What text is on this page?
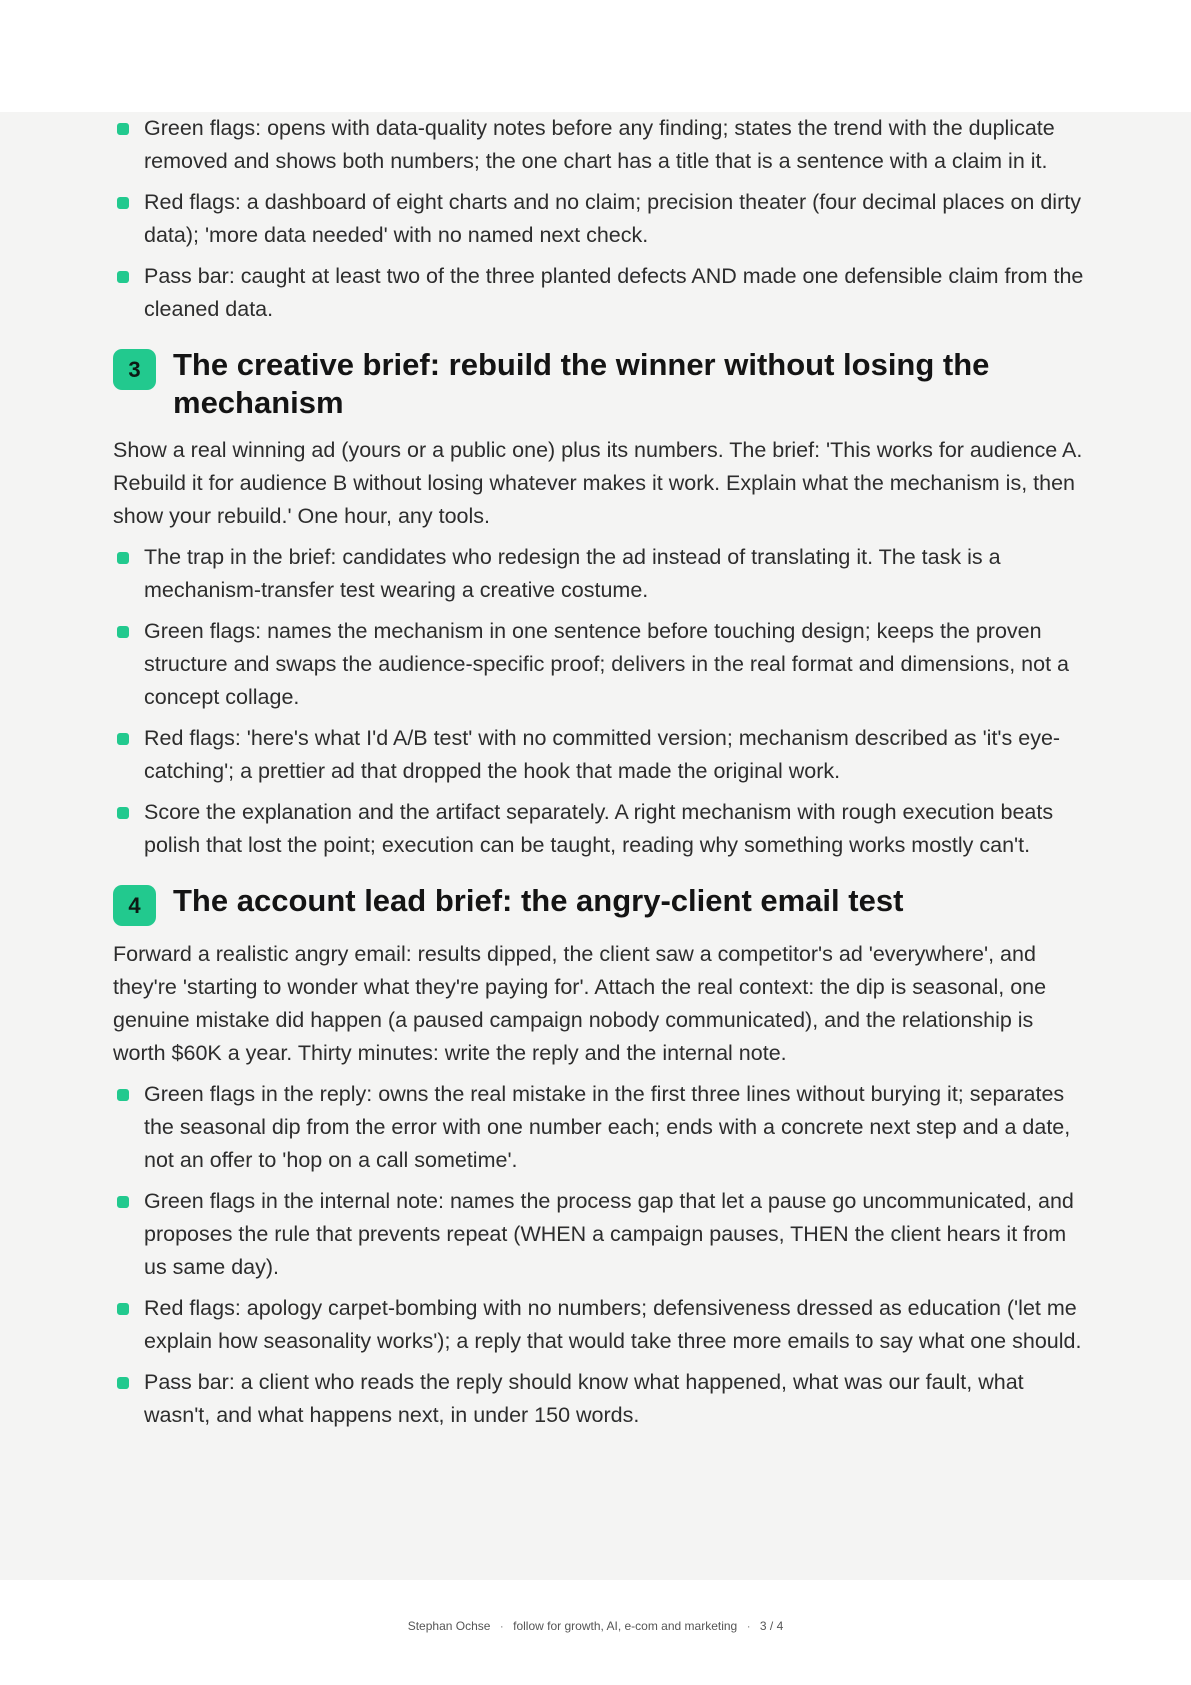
Green flags: opens with data-quality notes before any finding; states the trend with the duplicate removed and shows both numbers; the one chart has a title that is a sentence with a claim in it.
Red flags: a dashboard of eight charts and no claim; precision theater (four decimal places on dirty data); 'more data needed' with no named next check.
Pass bar: caught at least two of the three planted defects AND made one defensible claim from the cleaned data.
3	The creative brief: rebuild the winner without losing the mechanism

Show a real winning ad (yours or a public one) plus its numbers. The brief: 'This works for audience A. Rebuild it for audience B without losing whatever makes it work. Explain what the mechanism is, then show your rebuild.' One hour, any tools.

The trap in the brief: candidates who redesign the ad instead of translating it. The task is a mechanism-transfer test wearing a creative costume.
Green flags: names the mechanism in one sentence before touching design; keeps the proven structure and swaps the audience-specific proof; delivers in the real format and dimensions, not a concept collage.
Red flags: 'here's what I'd A/B test' with no committed version; mechanism described as 'it's eye-catching'; a prettier ad that dropped the hook that made the original work.
Score the explanation and the artifact separately. A right mechanism with rough execution beats polish that lost the point; execution can be taught, reading why something works mostly can't.
4	The account lead brief: the angry-client email test

Forward a realistic angry email: results dipped, the client saw a competitor's ad 'everywhere', and they're 'starting to wonder what they're paying for'. Attach the real context: the dip is seasonal, one genuine mistake did happen (a paused campaign nobody communicated), and the relationship is worth $60K a year. Thirty minutes: write the reply and the internal note.

Green flags in the reply: owns the real mistake in the first three lines without burying it; separates the seasonal dip from the error with one number each; ends with a concrete next step and a date, not an offer to 'hop on a call sometime'.
Green flags in the internal note: names the process gap that let a pause go uncommunicated, and proposes the rule that prevents repeat (WHEN a campaign pauses, THEN the client hears it from us same day).
Red flags: apology carpet-bombing with no numbers; defensiveness dressed as education ('let me explain how seasonality works'); a reply that would take three more emails to say what one should.
Pass bar: a client who reads the reply should know what happened, what was our fault, what wasn't, and what happens next, in under 150 words.
Stephan Ochse · follow for growth, AI, e-com and marketing · 3 / 4
